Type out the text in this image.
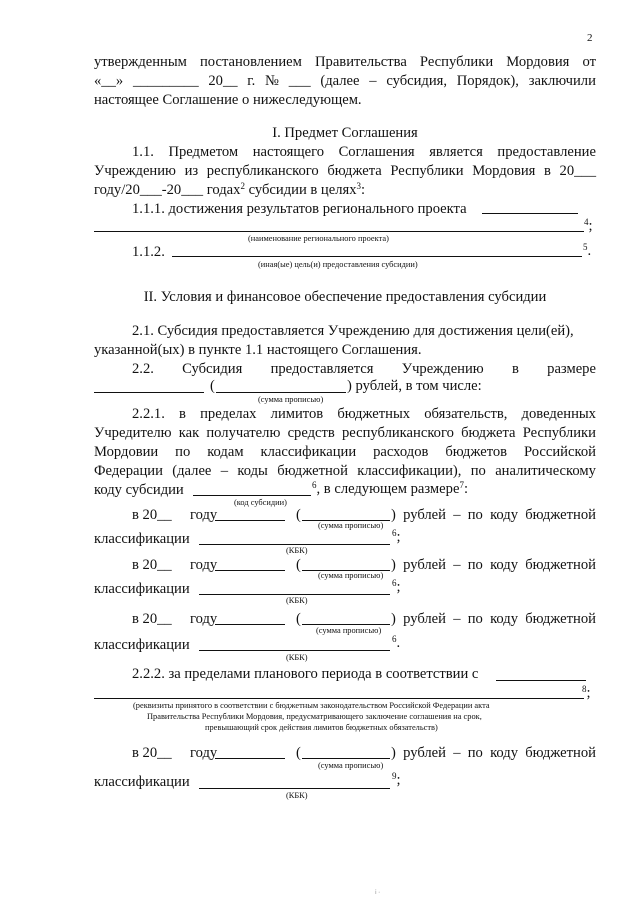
2
утвержденным постановлением Правительства Республики Мордовия от
«__» _________ 20__ г. № ___ (далее – субсидия, Порядок), заключили
настоящее Соглашение о нижеследующем.
I. Предмет Соглашения
1.1. Предметом настоящего Соглашения является предоставление
Учреждению из республиканского бюджета Республики Мордовия в 20___
году/20___-20___ годах$^2$ субсидии в целях$^3$:
1.1.1. достижения результатов регионального проекта
$^4$;
(наименование регионального проекта)
1.1.2.	$^5$.
(иная(ые) цель(и) предоставления субсидии)
II. Условия и финансовое обеспечение предоставления субсидии
2.1. Субсидия предоставляется Учреждению для достижения цели(ей),
указанной(ых) в пункте 1.1 настоящего Соглашения.
2.2. Субсидия предоставляется Учреждению в размере
(	) рублей, в том числе:
(сумма прописью)
2.2.1. в пределах лимитов бюджетных обязательств, доведенных
Учредителю как получателю средств республиканского бюджета Республики
Мордовии по кодам классификации расходов бюджетов Российской
Федерации (далее – коды бюджетной классификации), по аналитическому
коду субсидии	$^6$, в следующем размере$^7$:
(код субсидии)
в 20__ году	(	) рублей – по коду бюджетной
(сумма прописью)
классификации	$^6$;
(КБК)
в 20__ году	(	) рублей – по коду бюджетной
(сумма прописью)
классификации	$^6$;
(КБК)
в 20__ году	(	) рублей – по коду бюджетной
(сумма прописью)
классификации	$^6$.
(КБК)
2.2.2. за пределами планового периода в соответствии с
$^8$;
(реквизиты принятого в соответствии с бюджетным законодательством Российской Федерации акта
Правительства Республики Мордовия, предусматривающего заключение соглашения на срок,
превышающий срок действия лимитов бюджетных обязательств)
в 20__ году	(	) рублей – по коду бюджетной
(сумма прописью)
классификации	$^9$;
(КБК)
⁞ ·
